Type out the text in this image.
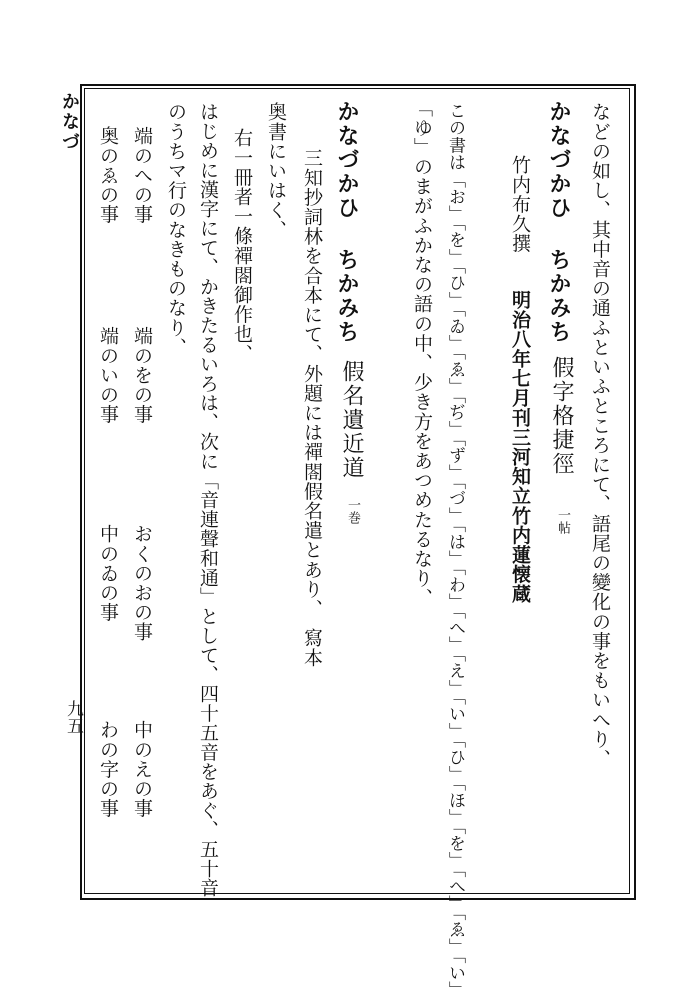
かなづ
九五	などの如し、其中音の通ふといふところにて、語尾の變化の事をもいへり、
かなづかひ ちかみち
假字格捷徑
一帖
竹内布久撰
明治八年七月刊三河知立竹内蓮懐蔵
この書は「お」「を」「ひ」「ゐ」「ゑ」「ぢ」「ず」「づ」「は」「わ」「へ」「え」「い」「ひ」「ほ」「を」「へ」「ゑ」「い」
「ゆ」のまがふかなの語の中、少き方をあつめたるなり、
かなづかひ ちかみち
假名遺近道
一巻
三知抄詞林を合本にて、外題には禪閤假名遣とあり、
寫本
奥書にいはく、
右一冊者一條禪閤御作也、
はじめに漢字にて、かきたるいろは、次に「音連聲和通」として、四十五音をあぐ、五十音
のうちマ行のなきものなり、
端のへの事
端のをの事
おくのおの事
中のえの事
奥のゑの事
端のいの事
中のゐの事
わの字の事
